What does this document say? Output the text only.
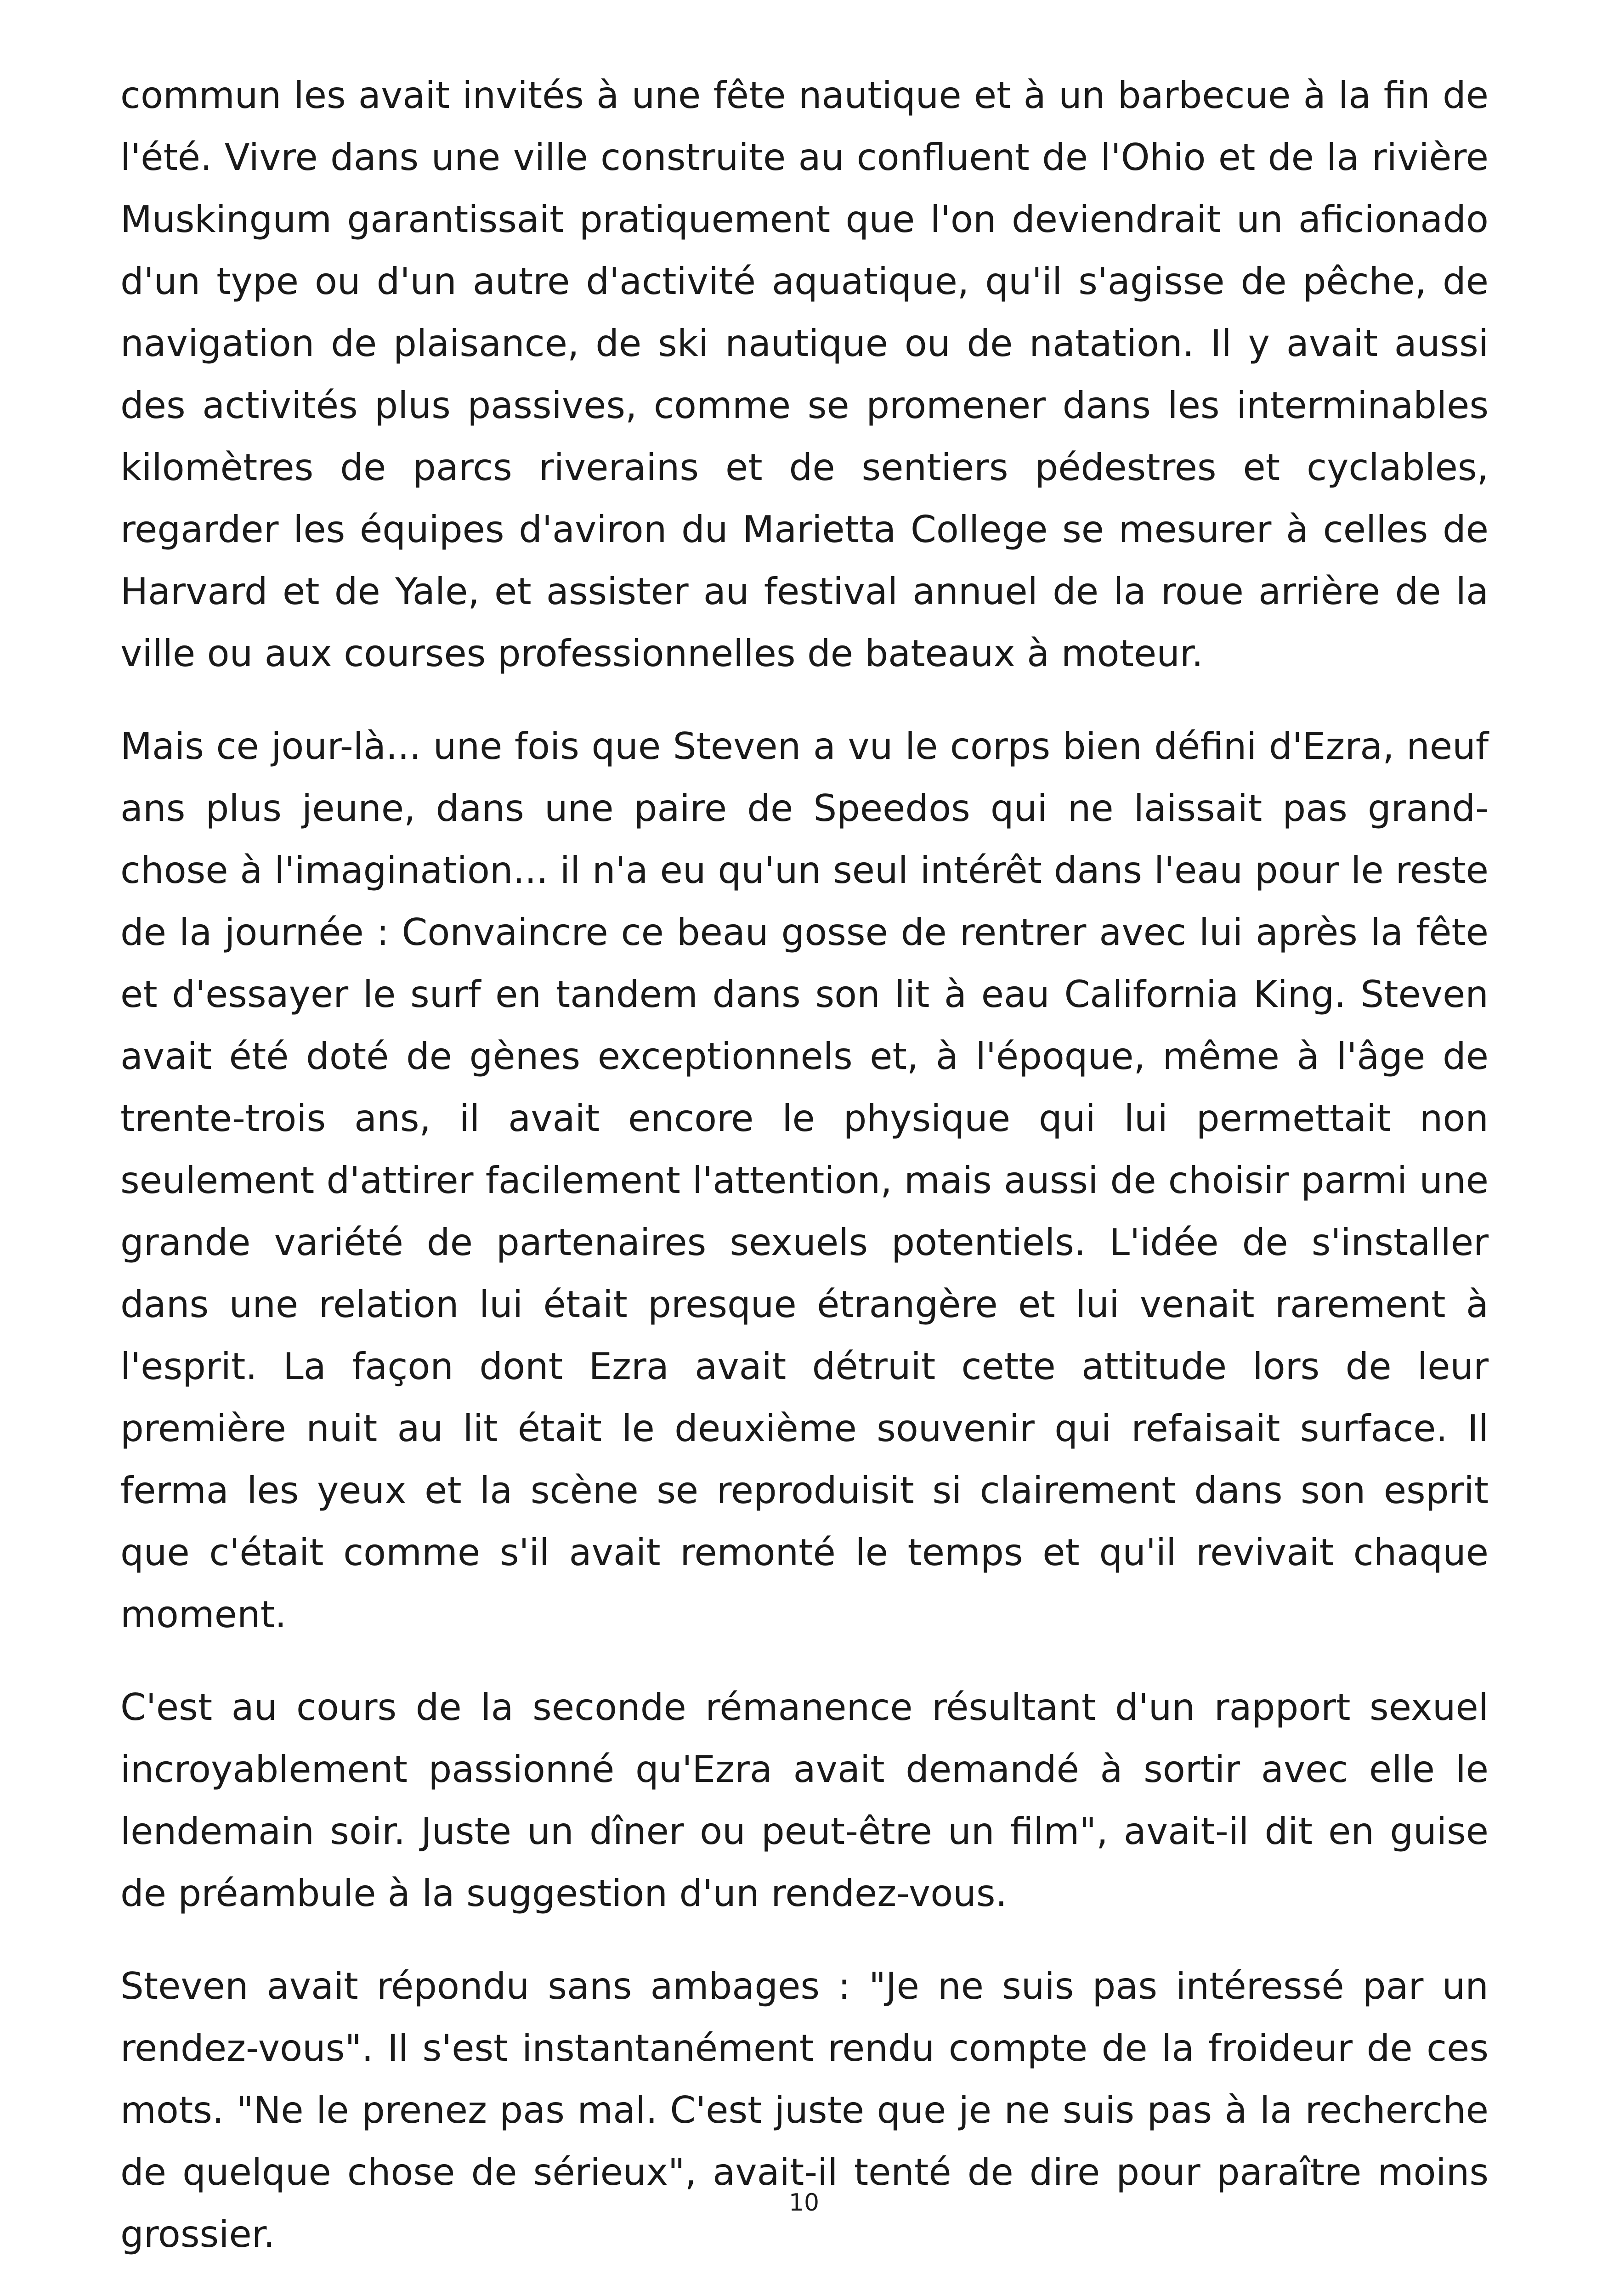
commun les avait invités à une fête nautique et à un barbecue à la fin de l'été. Vivre dans une ville construite au confluent de l'Ohio et de la rivière Muskingum garantissait pratiquement que l'on deviendrait un aficionado d'un type ou d'un autre d'activité aquatique, qu'il s'agisse de pêche, de navigation de plaisance, de ski nautique ou de natation. Il y avait aussi des activités plus passives, comme se promener dans les interminables kilomètres de parcs riverains et de sentiers pédestres et cyclables, regarder les équipes d'aviron du Marietta College se mesurer à celles de Harvard et de Yale, et assister au festival annuel de la roue arrière de la ville ou aux courses professionnelles de bateaux à moteur.

Mais ce jour-là... une fois que Steven a vu le corps bien défini d'Ezra, neuf ans plus jeune, dans une paire de Speedos qui ne laissait pas grand-chose à l'imagination... il n'a eu qu'un seul intérêt dans l'eau pour le reste de la journée : Convaincre ce beau gosse de rentrer avec lui après la fête et d'essayer le surf en tandem dans son lit à eau California King. Steven avait été doté de gènes exceptionnels et, à l'époque, même à l'âge de trente-trois ans, il avait encore le physique qui lui permettait non seulement d'attirer facilement l'attention, mais aussi de choisir parmi une grande variété de partenaires sexuels potentiels. L'idée de s'installer dans une relation lui était presque étrangère et lui venait rarement à l'esprit. La façon dont Ezra avait détruit cette attitude lors de leur première nuit au lit était le deuxième souvenir qui refaisait surface. Il ferma les yeux et la scène se reproduisit si clairement dans son esprit que c'était comme s'il avait remonté le temps et qu'il revivait chaque moment.

C'est au cours de la seconde rémanence résultant d'un rapport sexuel incroyablement passionné qu'Ezra avait demandé à sortir avec elle le lendemain soir. Juste un dîner ou peut-être un film", avait-il dit en guise de préambule à la suggestion d'un rendez-vous.

Steven avait répondu sans ambages : "Je ne suis pas intéressé par un rendez-vous". Il s'est instantanément rendu compte de la froideur de ces mots. "Ne le prenez pas mal. C'est juste que je ne suis pas à la recherche de quelque chose de sérieux", avait-il tenté de dire pour paraître moins grossier.

10
